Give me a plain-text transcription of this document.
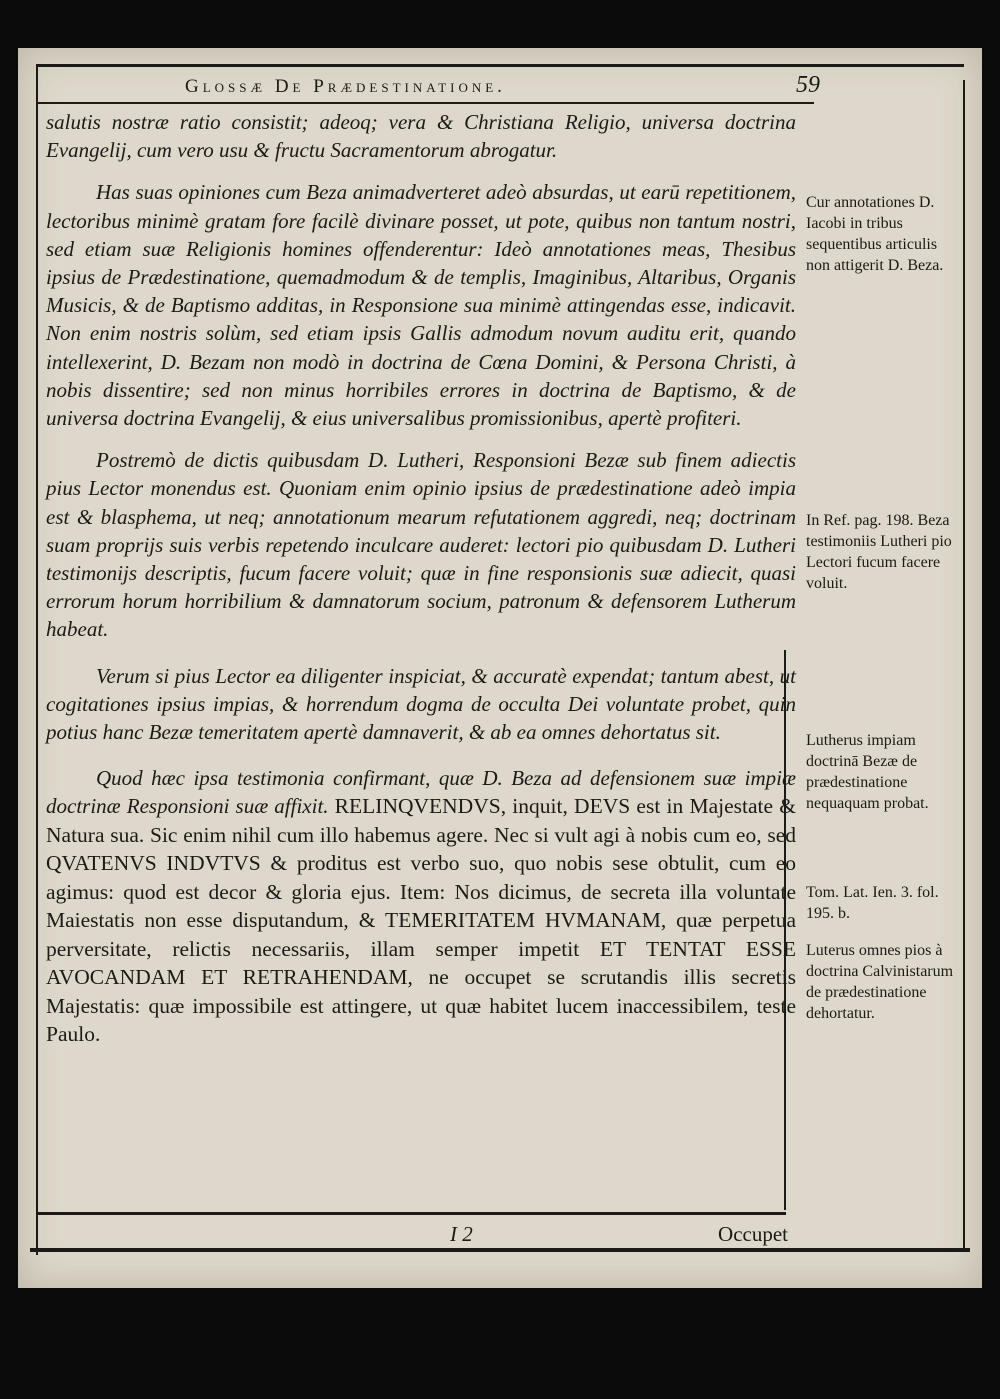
Glossæ De Prædestinatione.	59

salutis nostræ ratio consistit; adeoq; vera & Christiana Religio, universa doctrina Evangelij, cum vero usu & fructu Sacramentorum abrogatur.

Has suas opiniones cum Beza animadverteret adeò absurdas, ut earū repetitionem, lectoribus minimè gratam fore facilè divinare posset, ut pote, quibus non tantum nostri, sed etiam suæ Religionis homines offenderentur: Ideò annotationes meas, Thesibus ipsius de Prædestinatione, quemadmodum & de templis, Imaginibus, Altaribus, Organis Musicis, & de Baptismo additas, in Responsione sua minimè attingendas esse, indicavit. Non enim nostris solùm, sed etiam ipsis Gallis admodum novum auditu erit, quando intellexerint, D. Bezam non modò in doctrina de Cœna Domini, & Persona Christi, à nobis dissentire; sed non minus horribiles errores in doctrina de Baptismo, & de universa doctrina Evangelij, & eius universalibus promissionibus, apertè profiteri.

Postremò de dictis quibusdam D. Lutheri, Responsioni Bezæ sub finem adiectis pius Lector monendus est. Quoniam enim opinio ipsius de prædestinatione adeò impia est & blasphema, ut neq; annotationum mearum refutationem aggredi, neq; doctrinam suam proprijs suis verbis repetendo inculcare auderet: lectori pio quibusdam D. Lutheri testimonijs descriptis, fucum facere voluit; quæ in fine responsionis suæ adiecit, quasi errorum horum horribilium & damnatorum socium, patronum & defensorem Lutherum habeat.

Verum si pius Lector ea diligenter inspiciat, & accuratè expendat; tantum abest, ut cogitationes ipsius impias, & horrendum dogma de occulta Dei voluntate probet, quin potius hanc Bezæ temeritatem apertè damnaverit, & ab ea omnes dehortatus sit.

Quod hæc ipsa testimonia confirmant, quæ D. Beza ad defensionem suæ impiæ doctrinæ Responsioni suæ affixit. RELINQVENDVS, inquit, DEVS est in Majestate & Natura sua. Sic enim nihil cum illo habemus agere. Nec si vult agi à nobis cum eo, sed QVATENVS INDVTVS & proditus est verbo suo, quo nobis sese obtulit, cum eo agimus: quod est decor & gloria ejus. Item: Nos dicimus, de secreta illa voluntate Maiestatis non esse disputandum, & TEMERITATEM HVMANAM, quæ perpetua perversitate, relictis necessariis, illam semper impetit ET TENTAT ESSE AVOCANDAM ET RETRAHENDAM, ne occupet se scrutandis illis secretis Majestatis: quæ impossibile est attingere, ut quæ habitet lucem inaccessibilem, teste Paulo.

Cur annotationes D. Iacobi in tribus sequentibus articulis non attigerit D. Beza.
In Ref. pag. 198. Beza testimoniis Lutheri pio Lectori fucum facere voluit.
Lutherus impiam doctrinā Bezæ de prædestinatione nequaquam probat.
Tom. Lat. Ien. 3. fol. 195. b.
Luterus omnes pios à doctrina Calvinistarum de prædestinatione dehortatur.
I 2	Occupet
